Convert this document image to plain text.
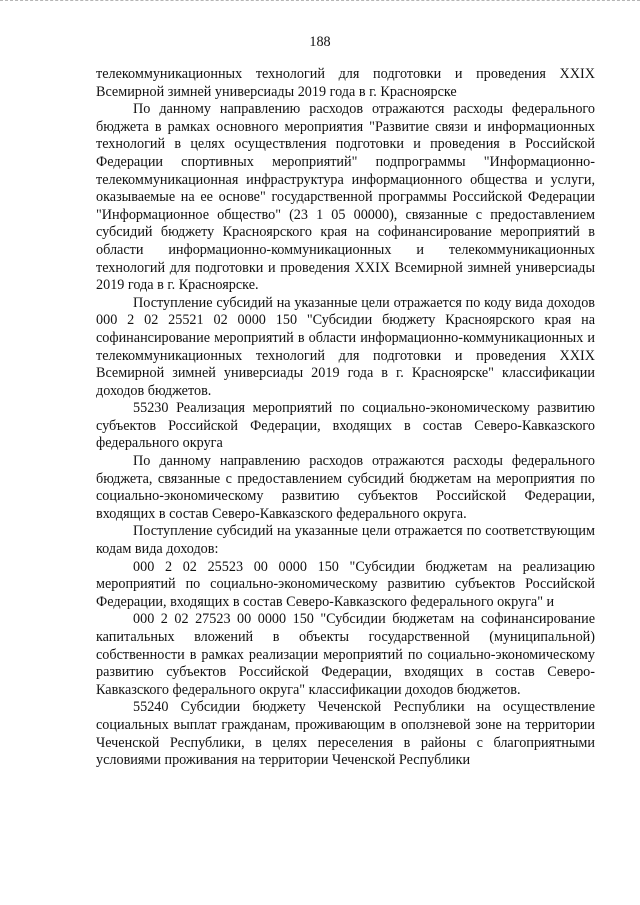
188

телекоммуникационных технологий для подготовки и проведения XXIX Всемирной зимней универсиады 2019 года в г. Красноярске

По данному направлению расходов отражаются расходы федерального бюджета в рамках основного мероприятия "Развитие связи и информационных технологий в целях осуществления подготовки и проведения в Российской Федерации спортивных мероприятий" подпрограммы "Информационно-телекоммуникационная инфраструктура информационного общества и услуги, оказываемые на ее основе" государственной программы Российской Федерации "Информационное общество" (23 1 05 00000), связанные с предоставлением субсидий бюджету Красноярского края на софинансирование мероприятий в области информационно-коммуникационных и телекоммуникационных технологий для подготовки и проведения XXIX Всемирной зимней универсиады 2019 года в г. Красноярске.

Поступление субсидий на указанные цели отражается по коду вида доходов 000 2 02 25521 02 0000 150 "Субсидии бюджету Красноярского края на софинансирование мероприятий в области информационно-коммуникационных и телекоммуникационных технологий для подготовки и проведения XXIX Всемирной зимней универсиады 2019 года в г. Красноярске" классификации доходов бюджетов.

55230 Реализация мероприятий по социально-экономическому развитию субъектов Российской Федерации, входящих в состав Северо-Кавказского федерального округа

По данному направлению расходов отражаются расходы федерального бюджета, связанные с предоставлением субсидий бюджетам на мероприятия по социально-экономическому развитию субъектов Российской Федерации, входящих в состав Северо-Кавказского федерального округа.

Поступление субсидий на указанные цели отражается по соответствующим кодам вида доходов:

000 2 02 25523 00 0000 150 "Субсидии бюджетам на реализацию мероприятий по социально-экономическому развитию субъектов Российской Федерации, входящих в состав Северо-Кавказского федерального округа" и

000 2 02 27523 00 0000 150 "Субсидии бюджетам на софинансирование капитальных вложений в объекты государственной (муниципальной) собственности в рамках реализации мероприятий по социально-экономическому развитию субъектов Российской Федерации, входящих в состав Северо-Кавказского федерального округа" классификации доходов бюджетов.

55240 Субсидии бюджету Чеченской Республики на осуществление социальных выплат гражданам, проживающим в оползневой зоне на территории Чеченской Республики, в целях переселения в районы с благоприятными условиями проживания на территории Чеченской Республики
